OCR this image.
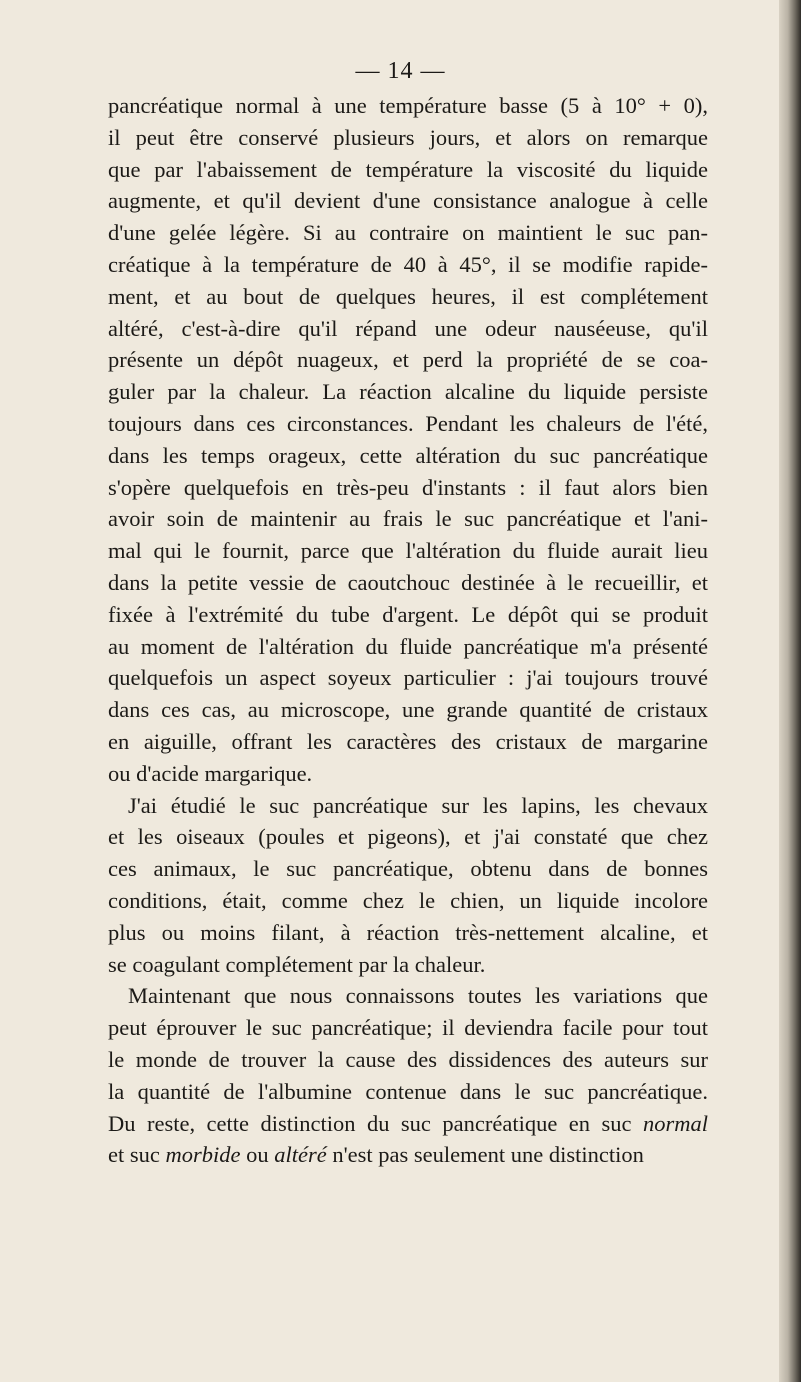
— 14 —
pancréatique normal à une température basse (5 à 10° + 0),
il peut être conservé plusieurs jours, et alors on remarque
que par l'abaissement de température la viscosité du liquide
augmente, et qu'il devient d'une consistance analogue à celle
d'une gelée légère. Si au contraire on maintient le suc pan-
créatique à la température de 40 à 45°, il se modifie rapide-
ment, et au bout de quelques heures, il est complétement
altéré, c'est-à-dire qu'il répand une odeur nauséeuse, qu'il
présente un dépôt nuageux, et perd la propriété de se coa-
guler par la chaleur. La réaction alcaline du liquide persiste
toujours dans ces circonstances. Pendant les chaleurs de l'été,
dans les temps orageux, cette altération du suc pancréatique
s'opère quelquefois en très-peu d'instants : il faut alors bien
avoir soin de maintenir au frais le suc pancréatique et l'ani-
mal qui le fournit, parce que l'altération du fluide aurait lieu
dans la petite vessie de caoutchouc destinée à le recueillir, et
fixée à l'extrémité du tube d'argent. Le dépôt qui se produit
au moment de l'altération du fluide pancréatique m'a présenté
quelquefois un aspect soyeux particulier : j'ai toujours trouvé
dans ces cas, au microscope, une grande quantité de cristaux
en aiguille, offrant les caractères des cristaux de margarine
ou d'acide margarique.
J'ai étudié le suc pancréatique sur les lapins, les chevaux
et les oiseaux (poules et pigeons), et j'ai constaté que chez
ces animaux, le suc pancréatique, obtenu dans de bonnes
conditions, était, comme chez le chien, un liquide incolore
plus ou moins filant, à réaction très-nettement alcaline, et
se coagulant complétement par la chaleur.
Maintenant que nous connaissons toutes les variations que
peut éprouver le suc pancréatique; il deviendra facile pour tout
le monde de trouver la cause des dissidences des auteurs sur
la quantité de l'albumine contenue dans le suc pancréatique.
Du reste, cette distinction du suc pancréatique en suc normal
et suc morbide ou altéré n'est pas seulement une distinction
